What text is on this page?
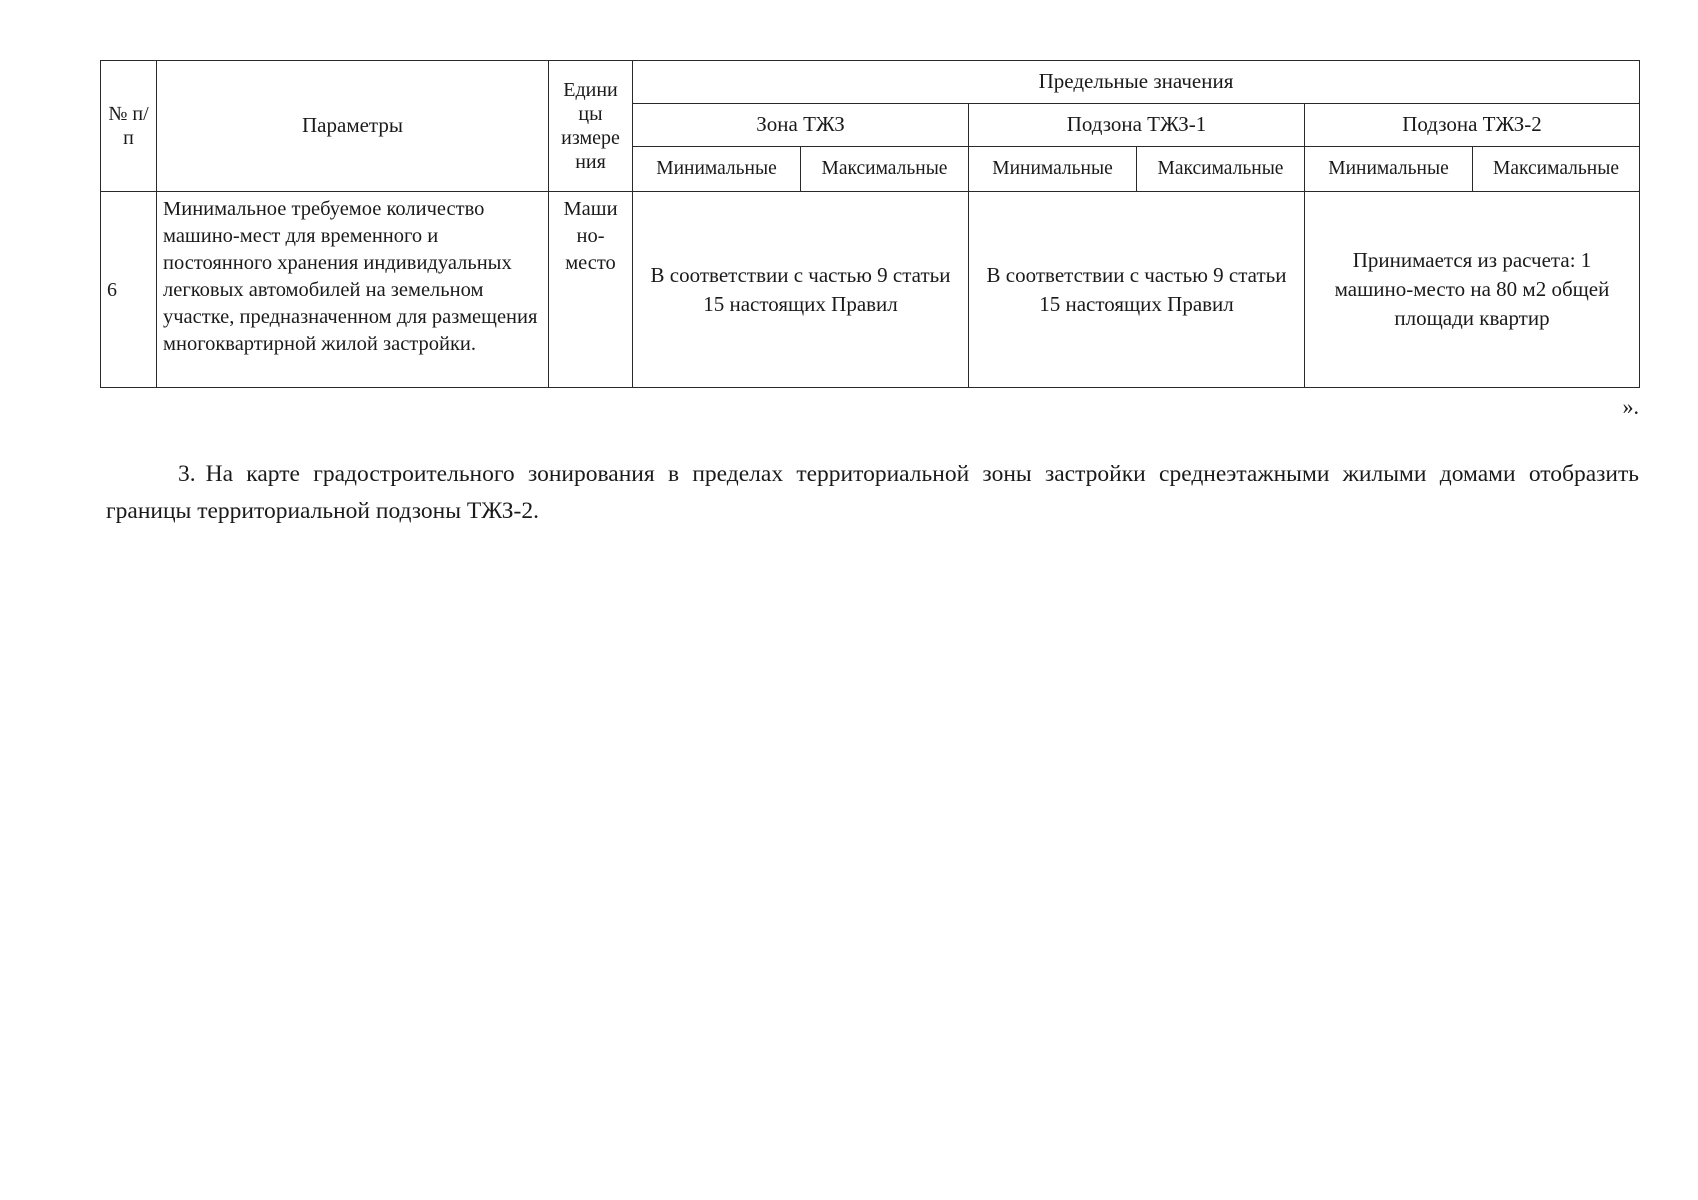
№ п/п	Параметры	Едини цы измере ния	Предельные значения					
			Зона ТЖЗ		Подзона ТЖЗ-1		Подзона ТЖЗ-2	
			Минимальные	Максимальные	Минимальные	Максимальные	Минимальные	Максимальные
6	Минимальное требуемое количество машино-мест для временного и постоянного хранения индивидуальных легковых автомобилей на земельном участке, предназначенном для размещения многоквартирной жилой застройки.	Маши но-место	В соответствии с частью 9 статьи 15 настоящих Правил		В соответствии с частью 9 статьи 15 настоящих Правил		Принимается из расчета: 1 машино-место на 80 м2 общей площади квартир	
».

3. На карте градостроительного зонирования в пределах территориальной зоны застройки среднеэтажными жилыми домами отобразить границы территориальной подзоны ТЖЗ-2.
